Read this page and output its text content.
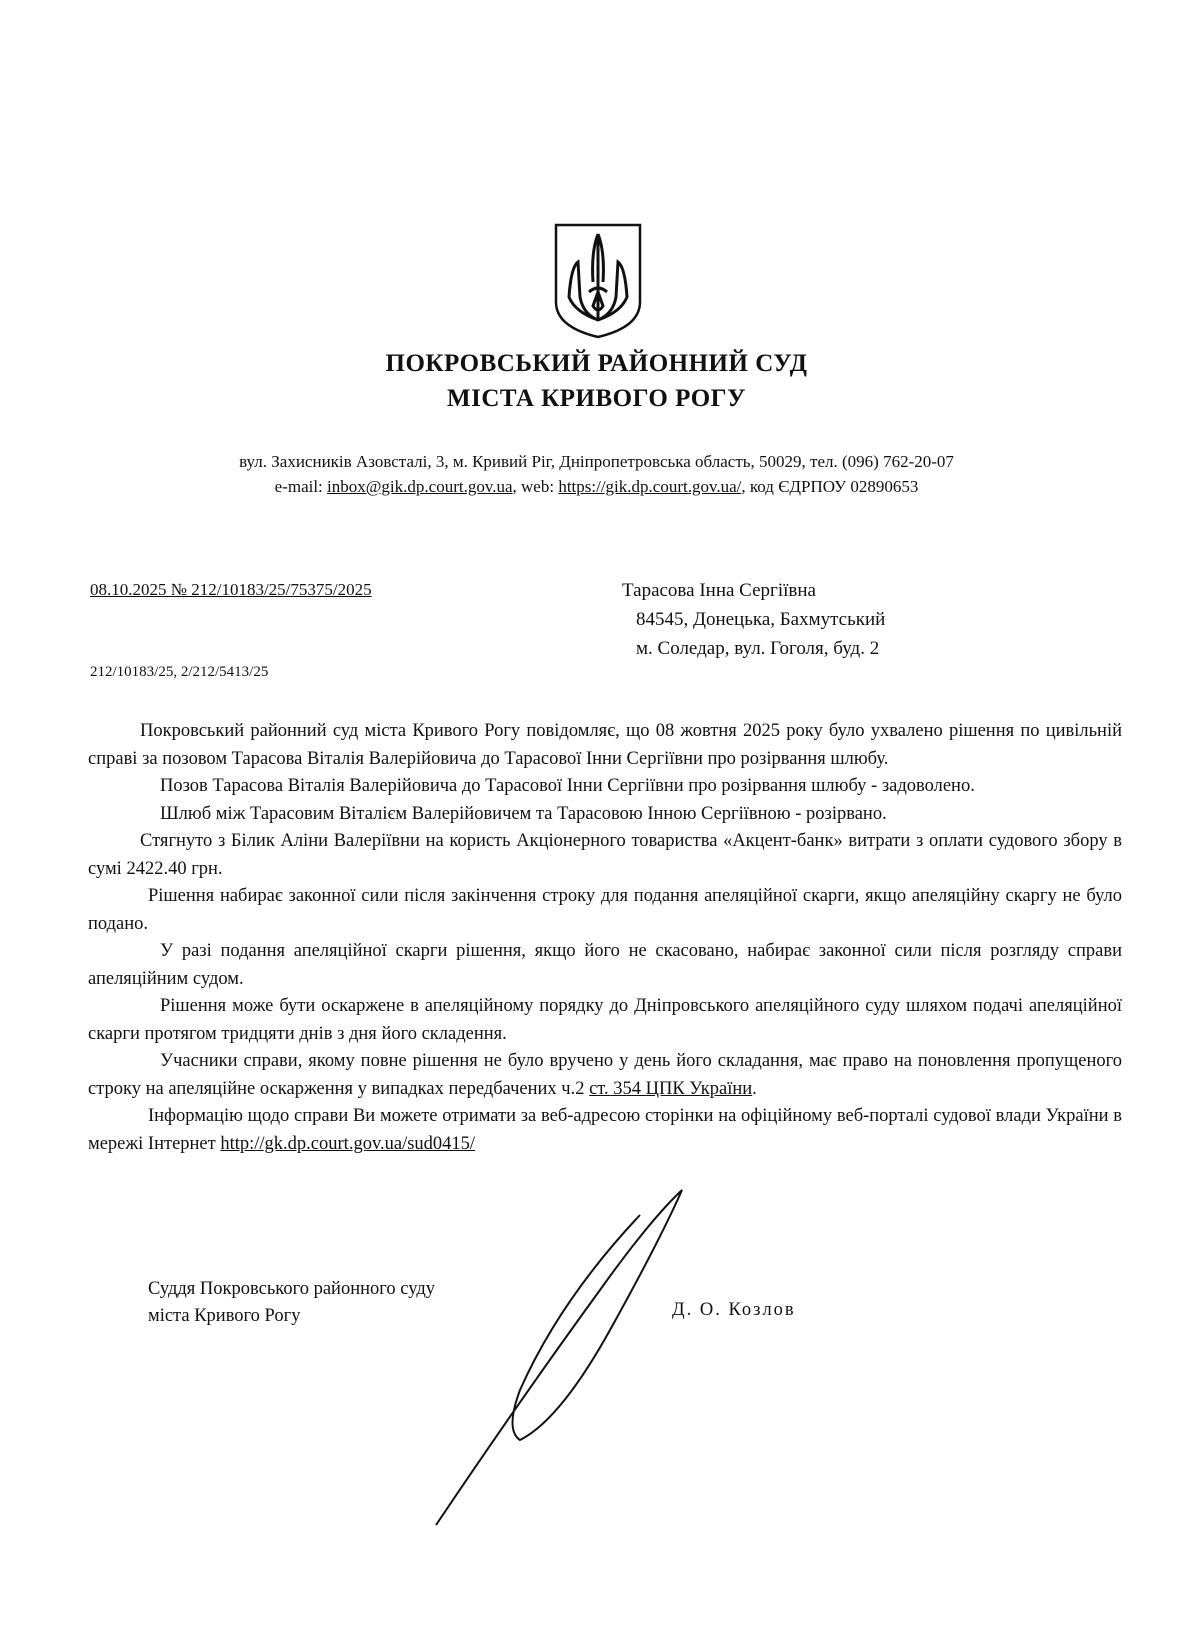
ПОКРОВСЬКИЙ РАЙОННИЙ СУД
МІСТА КРИВОГО РОГУ
вул. Захисників Азовсталі, 3, м. Кривий Ріг, Дніпропетровська область, 50029, тел. (096) 762-20-07
e-mail: inbox@gik.dp.court.gov.ua, web: https://gik.dp.court.gov.ua/, код ЄДРПОУ 02890653
08.10.2025 № 212/10183/25/75375/2025
212/10183/25, 2/212/5413/25
Тарасова Інна Сергіївна
84545, Донецька, Бахмутський
м. Соледар, вул. Гоголя, буд. 2

Покровський районний суд міста Кривого Рогу повідомляє, що 08 жовтня 2025 року було ухвалено рішення по цивільній справі за позовом Тарасова Віталія Валерійовича до Тарасової Інни Сергіївни про розірвання шлюбу.

Позов Тарасова Віталія Валерійовича до Тарасової Інни Сергіївни про розірвання шлюбу - задоволено.

Шлюб між Тарасовим Віталієм Валерійовичем та Тарасовою Інною Сергіївною - розірвано.

Стягнуто з Білик Аліни Валеріївни на користь Акціонерного товариства «Акцент-банк» витрати з оплати судового збору в сумі 2422.40 грн.

Рішення набирає законної сили після закінчення строку для подання апеляційної скарги, якщо апеляційну скаргу не було подано.

У разі подання апеляційної скарги рішення, якщо його не скасовано, набирає законної сили після розгляду справи апеляційним судом.

Рішення може бути оскаржене в апеляційному порядку до Дніпровського апеляційного суду шляхом подачі апеляційної скарги протягом тридцяти днів з дня його складення.

Учасники справи, якому повне рішення не було вручено у день його складання, має право на поновлення пропущеного строку на апеляційне оскарження у випадках передбачених ч.2 ст. 354 ЦПК України.

Інформацію щодо справи Ви можете отримати за веб-адресою сторінки на офіційному веб-порталі судової влади України в мережі Інтернет http://gk.dp.court.gov.ua/sud0415/

Суддя Покровського районного суду
міста Кривого Рогу	Д. О. Козлов
